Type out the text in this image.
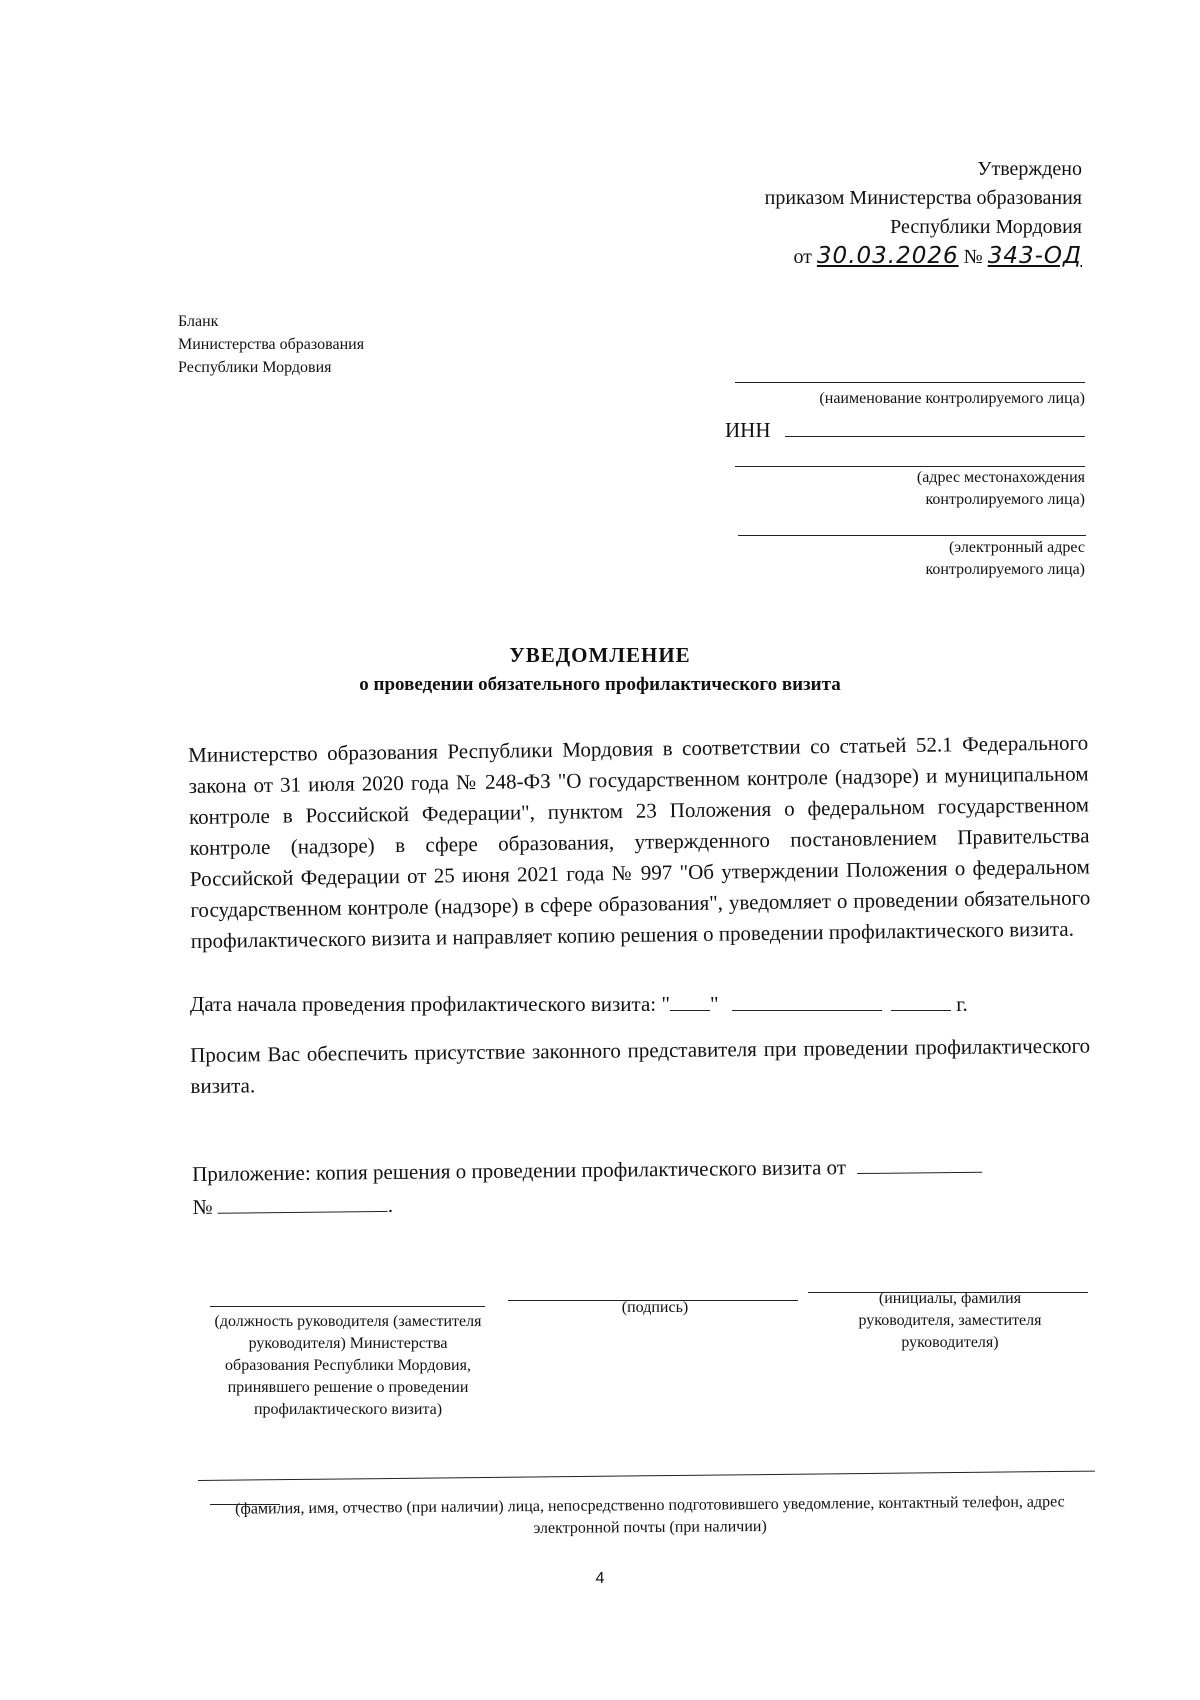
Утверждено
приказом Министерства образования
Республики Мордовия
от 30.03.2026 № 343-ОД
Бланк
Министерства образования
Республики Мордовия
(наименование контролируемого лица)
ИНН
(адрес местонахождения
контролируемого лица)
(электронный адрес
контролируемого лица)
УВЕДОМЛЕНИЕ
о проведении обязательного профилактического визита
Министерство образования Республики Мордовия в соответствии со статьей 52.1 Федерального закона от 31 июля 2020 года № 248-ФЗ "О государственном контроле (надзоре) и муниципальном контроле в Российской Федерации", пунктом 23 Положения о федеральном государственном контроле (надзоре) в сфере образования, утвержденного постановлением Правительства Российской Федерации от 25 июня 2021 года № 997 "Об утверждении Положения о федеральном государственном контроле (надзоре) в сфере образования", уведомляет о проведении обязательного профилактического визита и направляет копию решения о проведении профилактического визита.
Дата начала проведения профилактического визита: " "	г.
Просим Вас обеспечить присутствие законного представителя при проведении профилактического визита.
Приложение: копия решения о проведении профилактического визита от
№	.
(должность руководителя (заместителя руководителя) Министерства образования Республики Мордовия, принявшего решение о проведении профилактического визита)
(подпись)
(инициалы, фамилия руководителя, заместителя руководителя)
(фамилия, имя, отчество (при наличии) лица, непосредственно подготовившего уведомление, контактный телефон, адрес электронной почты (при наличии)
4
